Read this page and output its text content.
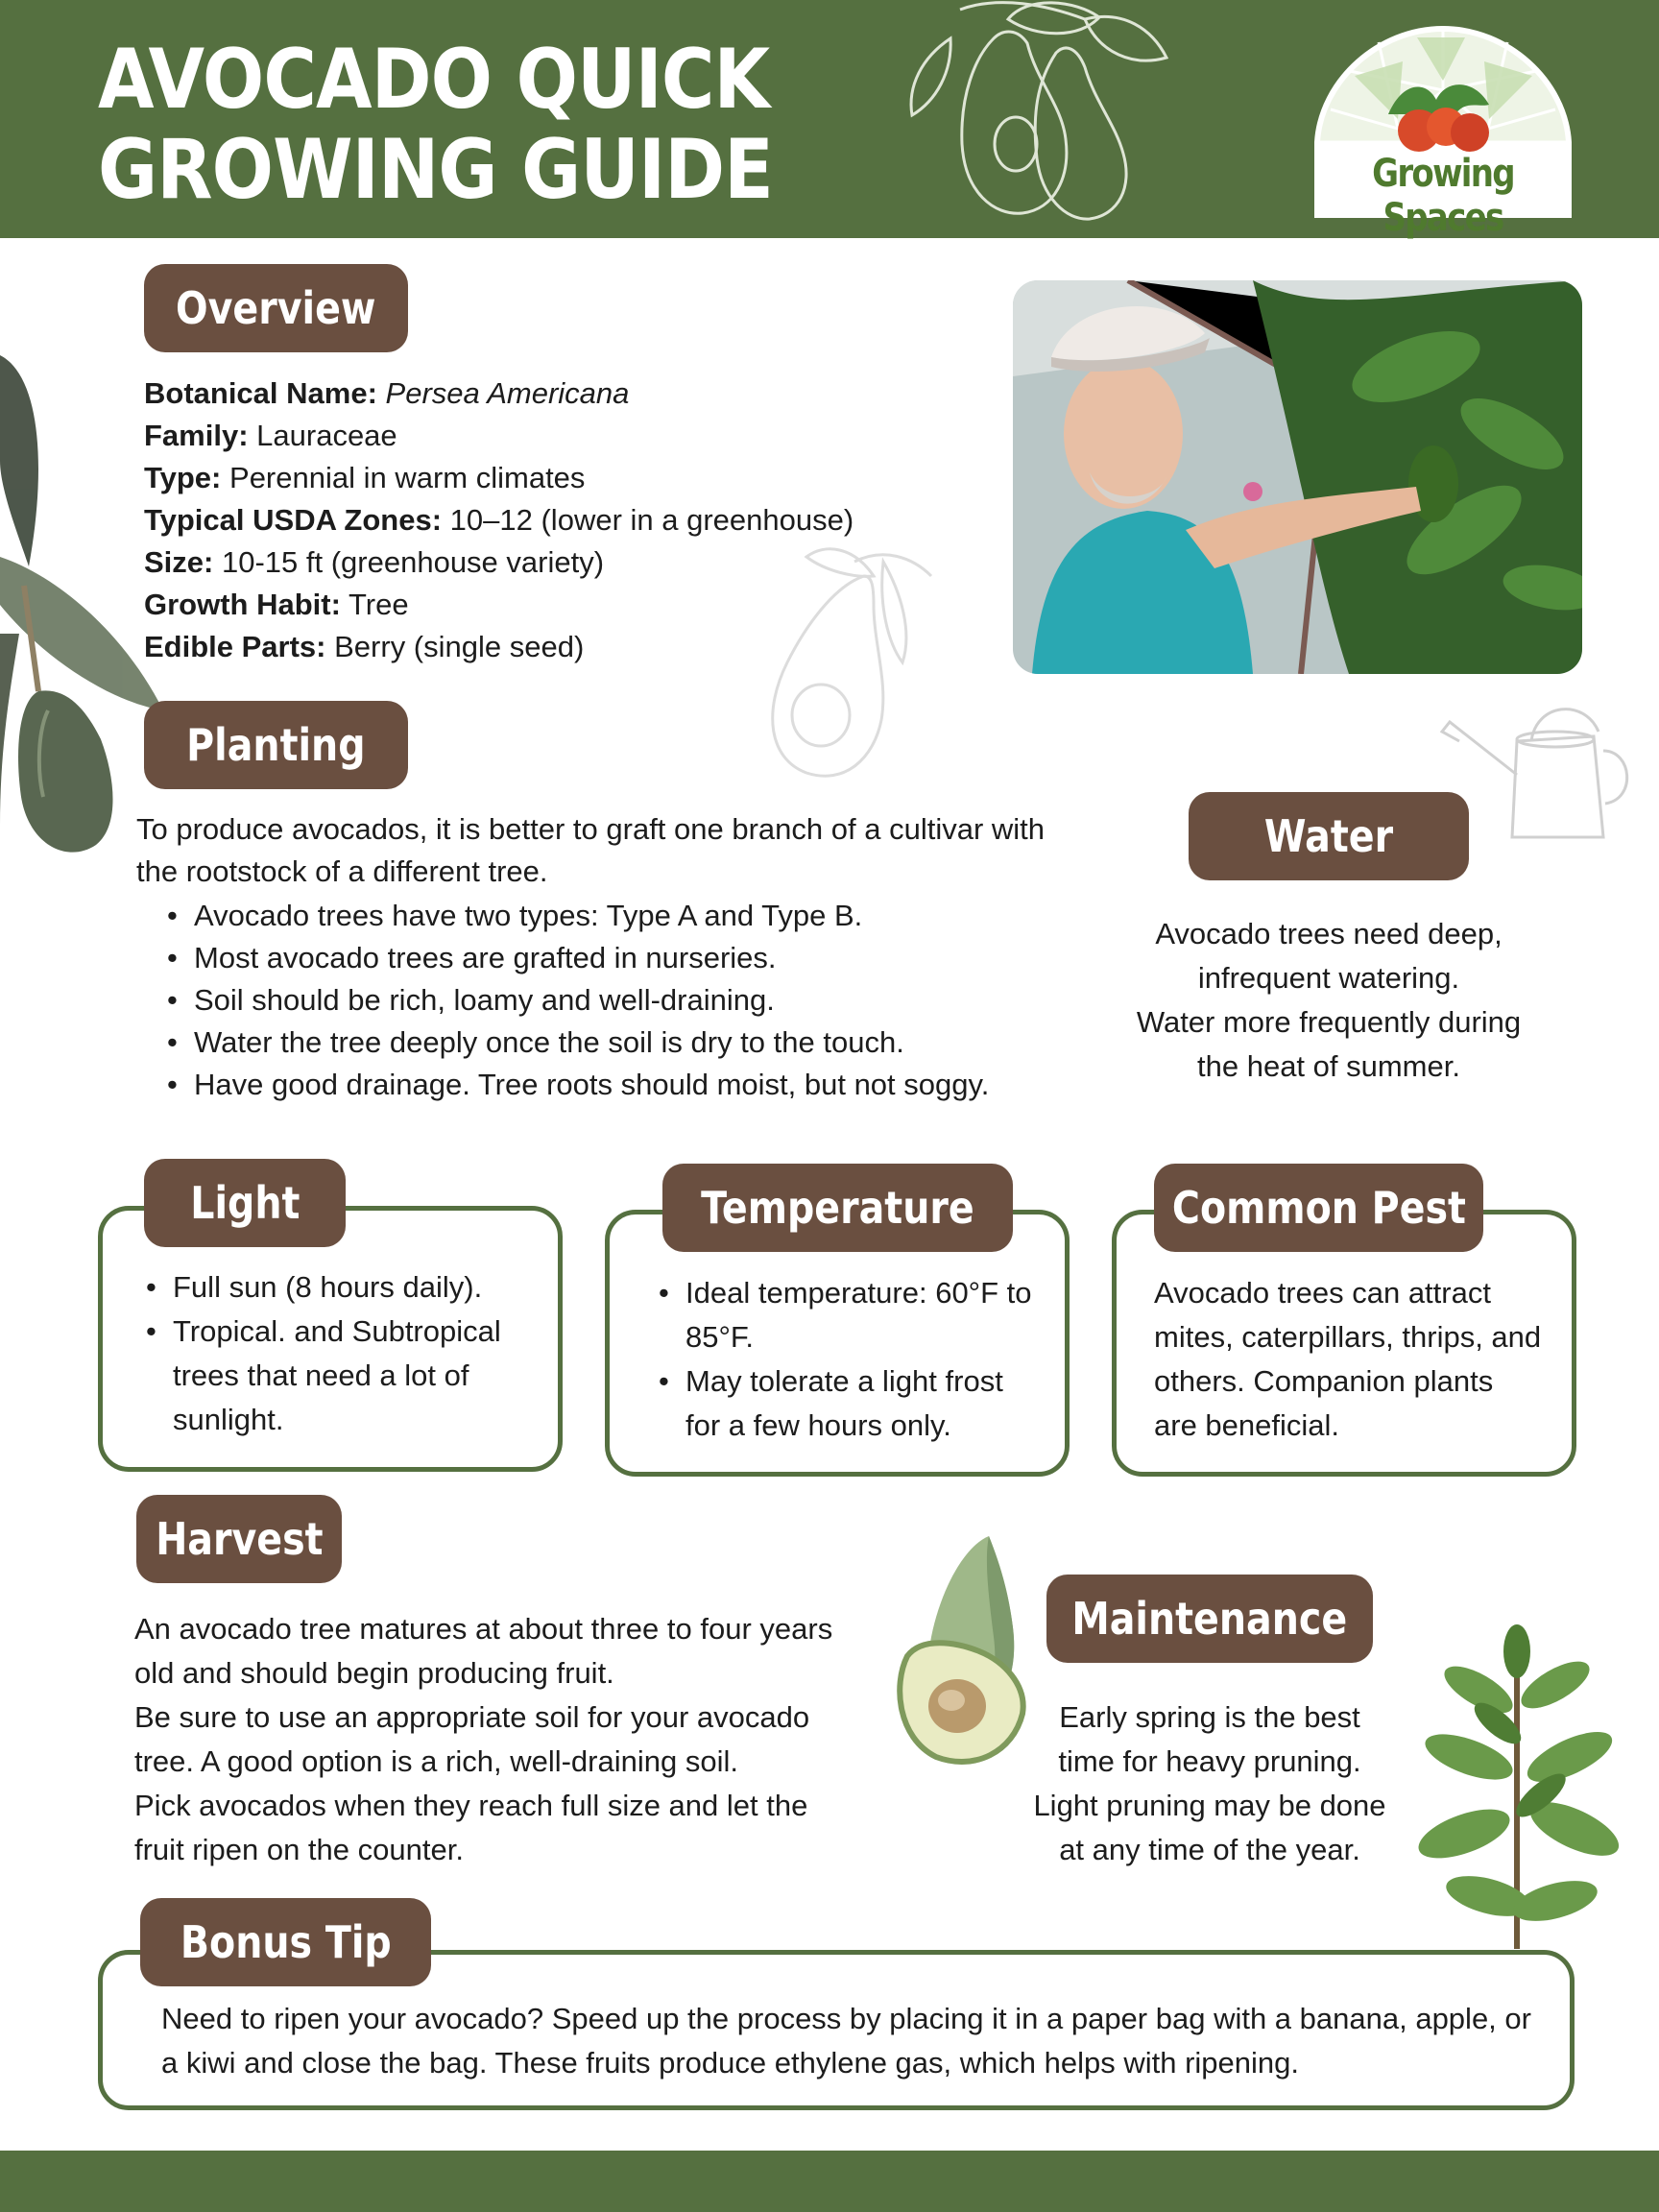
AVOCADO QUICK
GROWING GUIDE	Growing Spaces
Overview
Botanical Name: Persea Americana
Family: Lauraceae
Type: Perennial in warm climates
Typical USDA Zones: 10–12 (lower in a greenhouse)
Size: 10-15 ft (greenhouse variety)
Growth Habit: Tree
Edible Parts: Berry (single seed)
Planting
To produce avocados, it is better to graft one branch of a cultivar with the rootstock of a different tree.
• Avocado trees have two types: Type A and Type B.
• Most avocado trees are grafted in nurseries.
• Soil should be rich, loamy and well-draining.
• Water the tree deeply once the soil is dry to the touch.
• Have good drainage. Tree roots should moist, but not soggy.
Water
Avocado trees need deep,
infrequent watering.
Water more frequently during
the heat of summer.
Light
• Full sun (8 hours daily).
• Tropical. and Subtropical trees that need a lot of sunlight.
Temperature
• Ideal temperature: 60°F to 85°F.
• May tolerate a light frost for a few hours only.
Common Pest
Avocado trees can attract mites, caterpillars, thrips, and others. Companion plants are beneficial.
Harvest
An avocado tree matures at about three to four years old and should begin producing fruit.
Be sure to use an appropriate soil for your avocado tree. A good option is a rich, well-draining soil.
Pick avocados when they reach full size and let the fruit ripen on the counter.
Maintenance
Early spring is the best
time for heavy pruning.
Light pruning may be done
at any time of the year.
Bonus Tip
Need to ripen your avocado? Speed up the process by placing it in a paper bag with a banana, apple, or a kiwi and close the bag. These fruits produce ethylene gas, which helps with ripening.
